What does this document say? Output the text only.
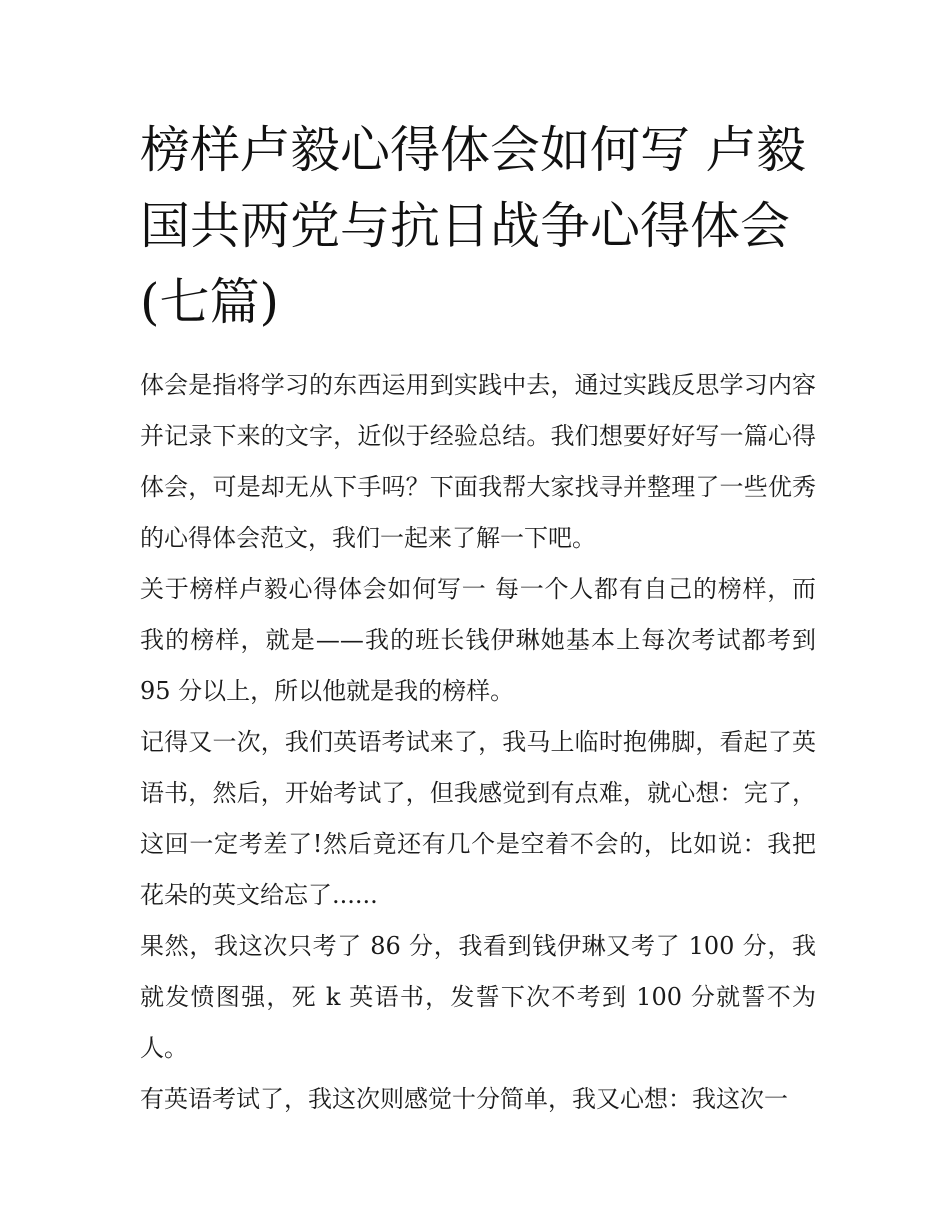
榜样卢毅心得体会如何写 卢毅国共两党与抗日战争心得体会(七篇)

体会是指将学习的东西运用到实践中去，通过实践反思学习内容并记录下来的文字，近似于经验总结。我们想要好好写一篇心得体会，可是却无从下手吗？下面我帮大家找寻并整理了一些优秀的心得体会范文，我们一起来了解一下吧。

关于榜样卢毅心得体会如何写一 每一个人都有自己的榜样，而我的榜样，就是——我的班长钱伊琳她基本上每次考试都考到 95 分以上，所以他就是我的榜样。

记得又一次，我们英语考试来了，我马上临时抱佛脚，看起了英语书，然后，开始考试了，但我感觉到有点难，就心想：完了，这回一定考差了!然后竟还有几个是空着不会的，比如说：我把花朵的英文给忘了......

果然，我这次只考了 86 分，我看到钱伊琳又考了 100 分，我就发愤图强，死 k 英语书，发誓下次不考到 100 分就誓不为人。

有英语考试了，我这次则感觉十分简单，我又心想：我这次一
